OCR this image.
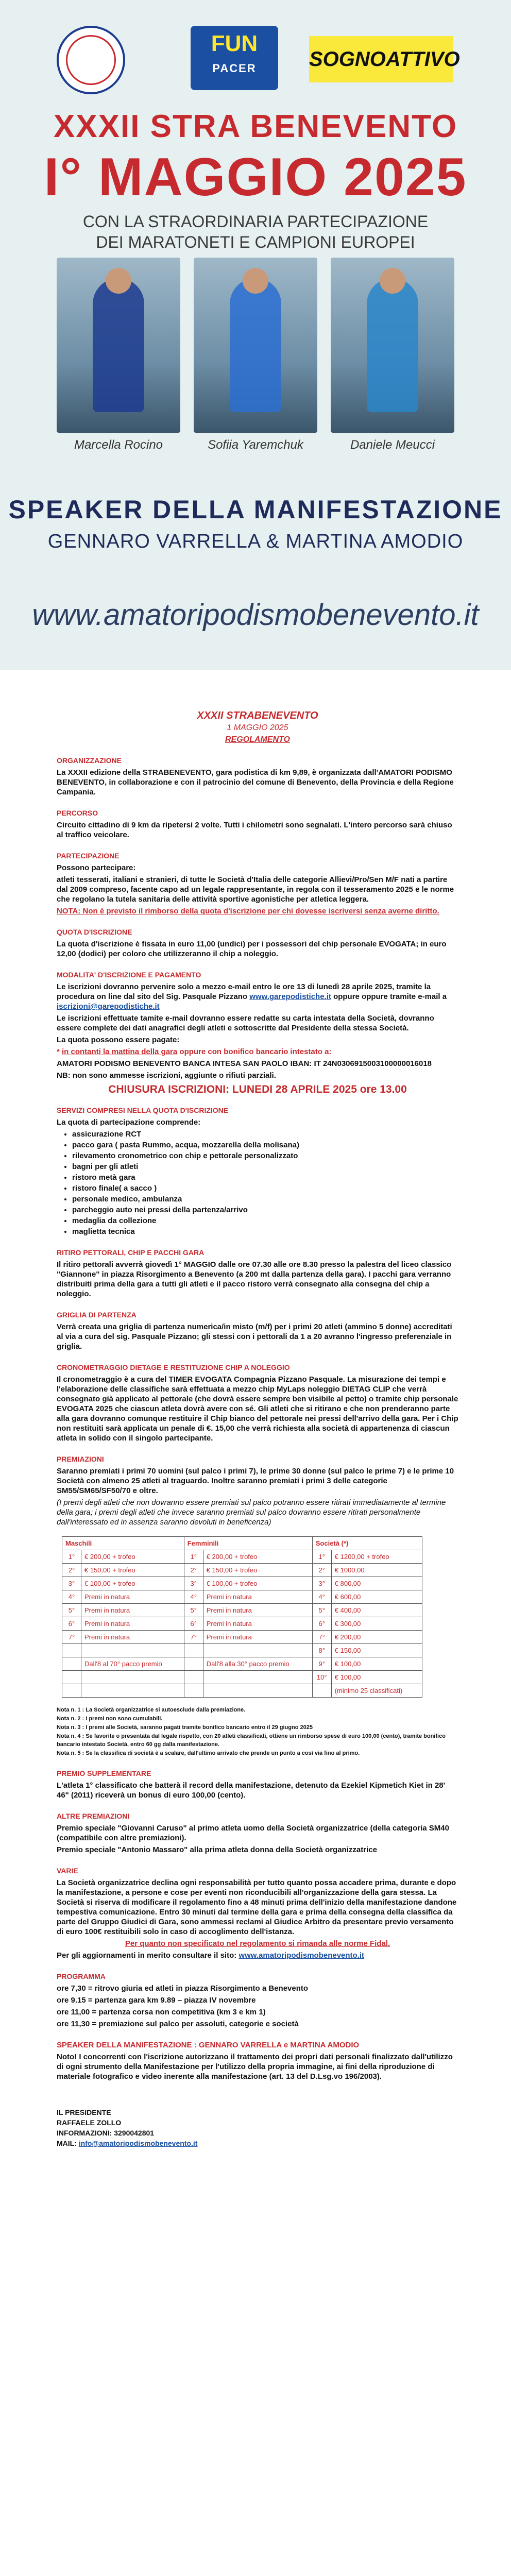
FUN
PACER	SOGNOATTIVO
XXXII STRA BENEVENTO
I° MAGGIO 2025
CON LA STRAORDINARIA PARTECIPAZIONE
DEI MARATONETI E CAMPIONI EUROPEI
Marcella Rocino	Sofiia Yaremchuk	Daniele Meucci
SPEAKER DELLA MANIFESTAZIONE
GENNARO VARRELLA & MARTINA AMODIO
www.amatoripodismobenevento.it
XXXII STRABENEVENTO
1 MAGGIO 2025
REGOLAMENTO
ORGANIZZAZIONE

La XXXII edizione della STRABENEVENTO, gara podistica di km 9,89, è organizzata dall'AMATORI PODISMO BENEVENTO, in collaborazione e con il patrocinio del comune di Benevento, della Provincia e della Regione Campania.

PERCORSO

Circuito cittadino di 9 km da ripetersi 2 volte. Tutti i chilometri sono segnalati. L'intero percorso sarà chiuso al traffico veicolare.

PARTECIPAZIONE

Possono partecipare:

atleti tesserati, italiani e stranieri, di tutte le Società d'Italia delle categorie Allievi/Pro/Sen M/F nati a partire dal 2009 compreso, facente capo ad un legale rappresentante, in regola con il tesseramento 2025 e le norme che regolano la tutela sanitaria delle attività sportive agonistiche per atletica leggera.

NOTA: Non è previsto il rimborso della quota d'iscrizione per chi dovesse iscriversi senza averne diritto.

QUOTA D'ISCRIZIONE

La quota d'iscrizione è fissata in euro 11,00 (undici) per i possessori del chip personale EVOGATA; in euro 12,00 (dodici) per coloro che utilizzeranno il chip a noleggio.

MODALITA' D'ISCRIZIONE E PAGAMENTO

Le iscrizioni dovranno pervenire solo a mezzo e-mail entro le ore 13 di lunedì 28 aprile 2025, tramite la procedura on line dal sito del Sig. Pasquale Pizzano www.garepodistiche.it oppure oppure tramite e-mail a iscrizioni@garepodistiche.it

Le iscrizioni effettuate tamite e-mail dovranno essere redatte su carta intestata della Società, dovranno essere complete dei dati anagrafici degli atleti e sottoscritte dal Presidente della stessa Società.

La quota possono essere pagate:

* in contanti la mattina della gara oppure con bonifico bancario intestato a:

AMATORI PODISMO BENEVENTO BANCA INTESA SAN PAOLO IBAN: IT 24N0306915003100000016018

NB: non sono ammesse iscrizioni, aggiunte o rifiuti parziali.

CHIUSURA ISCRIZIONI: LUNEDI 28 APRILE 2025 ore 13.00
SERVIZI COMPRESI NELLA QUOTA D'ISCRIZIONE

La quota di partecipazione comprende:

• assicurazione RCT
• pacco gara ( pasta Rummo, acqua, mozzarella della molisana)
• rilevamento cronometrico con chip e pettorale personalizzato
• bagni per gli atleti
• ristoro metà gara
• ristoro finale( a sacco )
• personale medico, ambulanza
• parcheggio auto nei pressi della partenza/arrivo
• medaglia da collezione
• maglietta tecnica
RITIRO PETTORALI, CHIP E PACCHI GARA

Il ritiro pettorali avverrà giovedì 1° MAGGIO dalle ore 07.30 alle ore 8.30 presso la palestra del liceo classico "Giannone" in piazza Risorgimento a Benevento (a 200 mt dalla partenza della gara). I pacchi gara verranno distribuiti prima della gara a tutti gli atleti e il pacco ristoro verrà consegnato alla consegna del chip a noleggio.

GRIGLIA DI PARTENZA

Verrà creata una griglia di partenza numerica/in misto (m/f) per i primi 20 atleti (ammino 5 donne) accreditati al via a cura del sig. Pasquale Pizzano; gli stessi con i pettorali da 1 a 20 avranno l'ingresso preferenziale in griglia.

CRONOMETRAGGIO DIETAGE E RESTITUZIONE CHIP A NOLEGGIO

Il cronometraggio è a cura del TIMER EVOGATA Compagnia Pizzano Pasquale. La misurazione dei tempi e l'elaborazione delle classifiche sarà effettuata a mezzo chip MyLaps noleggio DIETAG CLIP che verrà consegnato già applicato al pettorale (che dovrà essere sempre ben visibile al petto) o tramite chip personale EVOGATA 2025 che ciascun atleta dovrà avere con sé. Gli atleti che si ritirano e che non prenderanno parte alla gara dovranno comunque restituire il Chip bianco del pettorale nei pressi dell'arrivo della gara. Per i Chip non restituiti sarà applicata un penale di €. 15,00 che verrà richiesta alla società di appartenenza di ciascun atleta in solido con il singolo partecipante.

PREMIAZIONI

Saranno premiati i primi 70 uomini (sul palco i primi 7), le prime 30 donne (sul palco le prime 7) e le prime 10 Società con almeno 25 atleti al traguardo. Inoltre saranno premiati i primi 3 delle categorie SM55/SM65/SF50/70 e oltre.

(I premi degli atleti che non dovranno essere premiati sul palco potranno essere ritirati immediatamente al termine della gara; i premi degli atleti che invece saranno premiati sul palco dovranno essere ritirati personalmente dall'interessato ed in assenza saranno devoluti in beneficenza)

Maschili		Femminili		Società (*)	
1°	€ 200,00 + trofeo	1°	€ 200,00 + trofeo	1°	€ 1200,00 + trofeo
2°	€ 150,00 + trofeo	2°	€ 150,00 + trofeo	2°	€ 1000,00
3°	€ 100,00 + trofeo	3°	€ 100,00 + trofeo	3°	€ 800,00
4°	Premi in natura	4°	Premi in natura	4°	€ 600,00
5°	Premi in natura	5°	Premi in natura	5°	€ 400,00
6°	Premi in natura	6°	Premi in natura	6°	€ 300,00
7°	Premi in natura	7°	Premi in natura	7°	€ 200,00
				8°	€ 150,00
	Dall'8 al 70° pacco premio		Dall'8 alla 30° pacco premio	9°	€ 100,00
				10°	€ 100,00
					(minimo 25 classificati)

Nota n. 1 : La Società organizzatrice si autoesclude dalla premiazione.

Nota n. 2 : I premi non sono cumulabili.

Nota n. 3 : I premi alle Società, saranno pagati tramite bonifico bancario entro il 29 giugno 2025

Nota n. 4 : Se favorite o presentata dal legale rispetto, con 20 atleti classificati, ottiene un rimborso spese di euro 100,00 (cento), tramite bonifico bancario intestato Società, entro 60 gg dalla manifestazione.

Nota n. 5 : Se la classifica di società è a scalare, dall'ultimo arrivato che prende un punto a così via fino al primo.

PREMIO SUPPLEMENTARE

L'atleta 1° classificato che batterà il record della manifestazione, detenuto da Ezekiel Kipmetich Kiet in 28' 46" (2011) riceverà un bonus di euro 100,00 (cento).

ALTRE PREMIAZIONI

Premio speciale "Giovanni Caruso" al primo atleta uomo della Società organizzatrice (della categoria SM40 (compatibile con altre premiazioni).

Premio speciale "Antonio Massaro" alla prima atleta donna della Società organizzatrice

VARIE

La Società organizzatrice declina ogni responsabilità per tutto quanto possa accadere prima, durante e dopo la manifestazione, a persone e cose per eventi non riconducibili all'organizzazione della gara stessa. La Società si riserva di modificare il regolamento fino a 48 minuti prima dell'inizio della manifestazione dandone tempestiva comunicazione. Entro 30 minuti dal termine della gara e prima della consegna della classifica da parte del Gruppo Giudici di Gara, sono ammessi reclami al Giudice Arbitro da presentare previo versamento di euro 100€ restituibili solo in caso di accoglimento dell'istanza.

Per quanto non specificato nel regolamento si rimanda alle norme Fidal.

Per gli aggiornamenti in merito consultare il sito: www.amatoripodismobenevento.it

PROGRAMMA

ore 7,30 = ritrovo giuria ed atleti in piazza Risorgimento a Benevento

ore 9.15 = partenza gara km 9.89 – piazza IV novembre

ore 11,00 = partenza corsa non competitiva (km 3 e km 1)

ore 11,30 = premiazione sul palco per assoluti, categorie e società

SPEAKER DELLA MANIFESTAZIONE : GENNARO VARRELLA e MARTINA AMODIO

Noto! I concorrenti con l'iscrizione autorizzano il trattamento dei propri dati personali finalizzato dall'utilizzo di ogni strumento della Manifestazione per l'utilizzo della propria immagine, ai fini della riproduzione di materiale fotografico e video inerente alla manifestazione (art. 13 del D.Lsg.vo 196/2003).

IL PRESIDENTE
RAFFAELE ZOLLO
INFORMAZIONI: 3290042801
MAIL: info@amatoripodismobenevento.it
